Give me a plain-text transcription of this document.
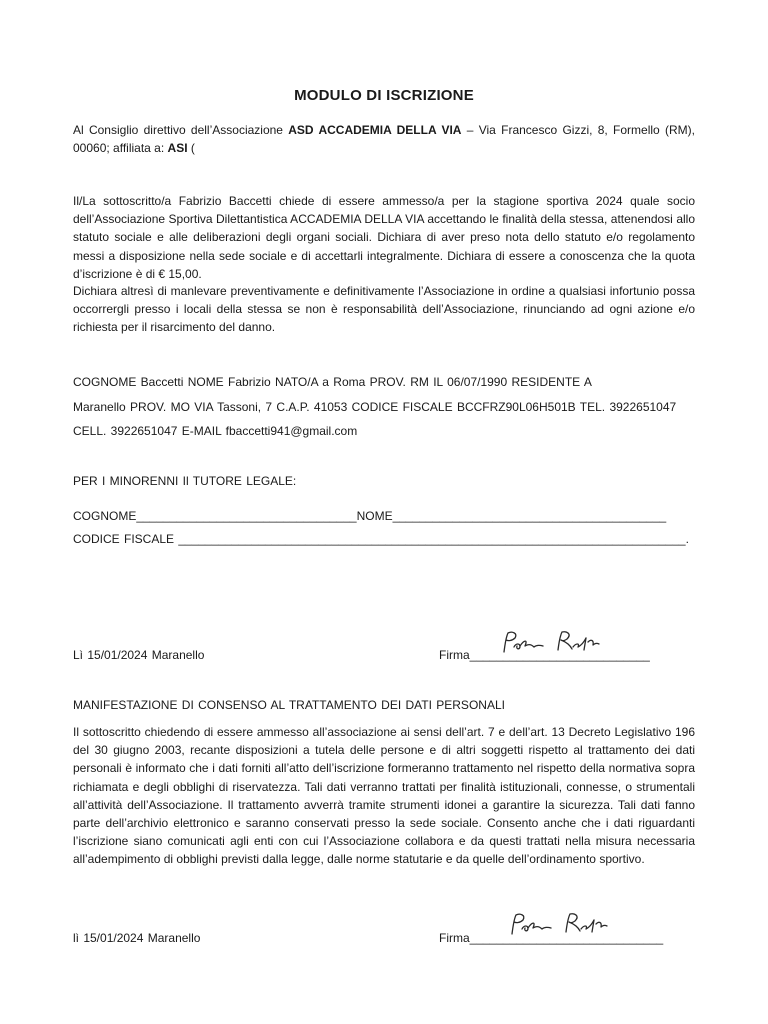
MODULO DI ISCRIZIONE
Al Consiglio direttivo dell’Associazione ASD ACCADEMIA DELLA VIA – Via Francesco Gizzi, 8, Formello (RM), 00060; affiliata a: ASI (
Il/La sottoscritto/a Fabrizio Baccetti chiede di essere ammesso/a per la stagione sportiva 2024 quale socio dell’Associazione Sportiva Dilettantistica ACCADEMIA DELLA VIA accettando le finalità della stessa, attenendosi allo statuto sociale e alle deliberazioni degli organi sociali. Dichiara di aver preso nota dello statuto e/o regolamento messi a disposizione nella sede sociale e di accettarli integralmente. Dichiara di essere a conoscenza che la quota d’iscrizione è di € 15,00.
Dichiara altresì di manlevare preventivamente e definitivamente l’Associazione in ordine a qualsiasi infortunio possa occorrergli presso i locali della stessa se non è responsabilità dell’Associazione, rinunciando ad ogni azione e/o richiesta per il risarcimento del danno.
COGNOME Baccetti NOME Fabrizio NATO/A a Roma PROV. RM IL 06/07/1990 RESIDENTE A
Maranello PROV. MO VIA Tassoni, 7 C.A.P. 41053 CODICE FISCALE BCCFRZ90L06H501B TEL. 3922651047
CELL. 3922651047 E-MAIL fbaccetti941@gmail.com
PER I MINORENNI Il TUTORE LEGALE:
COGNOME_________________________________NOME_________________________________________
CODICE FISCALE ____________________________________________________________________________.
Lì 15/01/2024 Maranello	Firma___________________________
MANIFESTAZIONE DI CONSENSO AL TRATTAMENTO DEI DATI PERSONALI
Il sottoscritto chiedendo di essere ammesso all’associazione ai sensi dell’art. 7 e dell’art. 13 Decreto Legislativo 196 del 30 giugno 2003, recante disposizioni a tutela delle persone e di altri soggetti rispetto al trattamento dei dati personali è informato che i dati forniti all’atto dell’iscrizione formeranno trattamento nel rispetto della normativa sopra richiamata e degli obblighi di riservatezza. Tali dati verranno trattati per finalità istituzionali, connesse, o strumentali all’attività dell’Associazione. Il trattamento avverrà tramite strumenti idonei a garantire la sicurezza. Tali dati fanno parte dell’archivio elettronico e saranno conservati presso la sede sociale. Consento anche che i dati riguardanti l’iscrizione siano comunicati agli enti con cui l’Associazione collabora e da questi trattati nella misura necessaria all’adempimento di obblighi previsti dalla legge, dalle norme statutarie e da quelle dell’ordinamento sportivo.
lì 15/01/2024 Maranello	Firma_____________________________
